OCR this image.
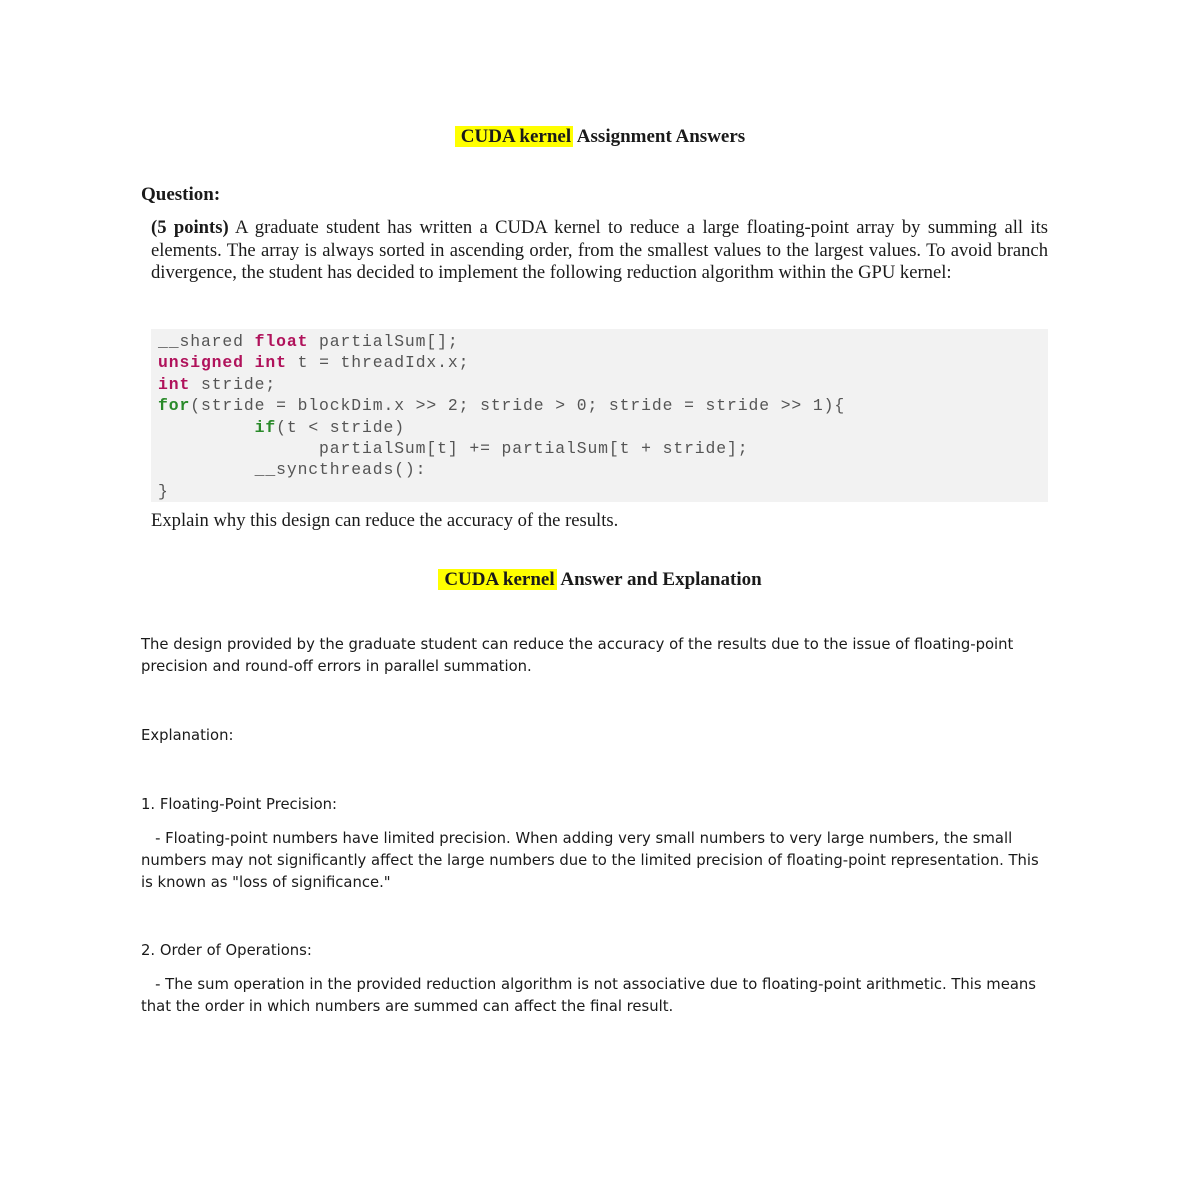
CUDA kernel Assignment Answers
Question:
(5 points) A graduate student has written a CUDA kernel to reduce a large floating-point array by summing all its elements. The array is always sorted in ascending order, from the smallest values to the largest values. To avoid branch divergence, the student has decided to implement the following reduction algorithm within the GPU kernel:
__shared float partialSum[];
unsigned int t = threadIdx.x;
int stride;
for(stride = blockDim.x >> 2; stride > 0; stride = stride >> 1){
if(t < stride)
partialSum[t] += partialSum[t + stride];
__syncthreads():
}
Explain why this design can reduce the accuracy of the results.
CUDA kernel Answer and Explanation
The design provided by the graduate student can reduce the accuracy of the results due to the issue of floating-point precision and round-off errors in parallel summation.
Explanation:
1. Floating-Point Precision:
- Floating-point numbers have limited precision. When adding very small numbers to very large numbers, the small numbers may not significantly affect the large numbers due to the limited precision of floating-point representation. This is known as "loss of significance."
2. Order of Operations:
- The sum operation in the provided reduction algorithm is not associative due to floating-point arithmetic. This means that the order in which numbers are summed can affect the final result.
